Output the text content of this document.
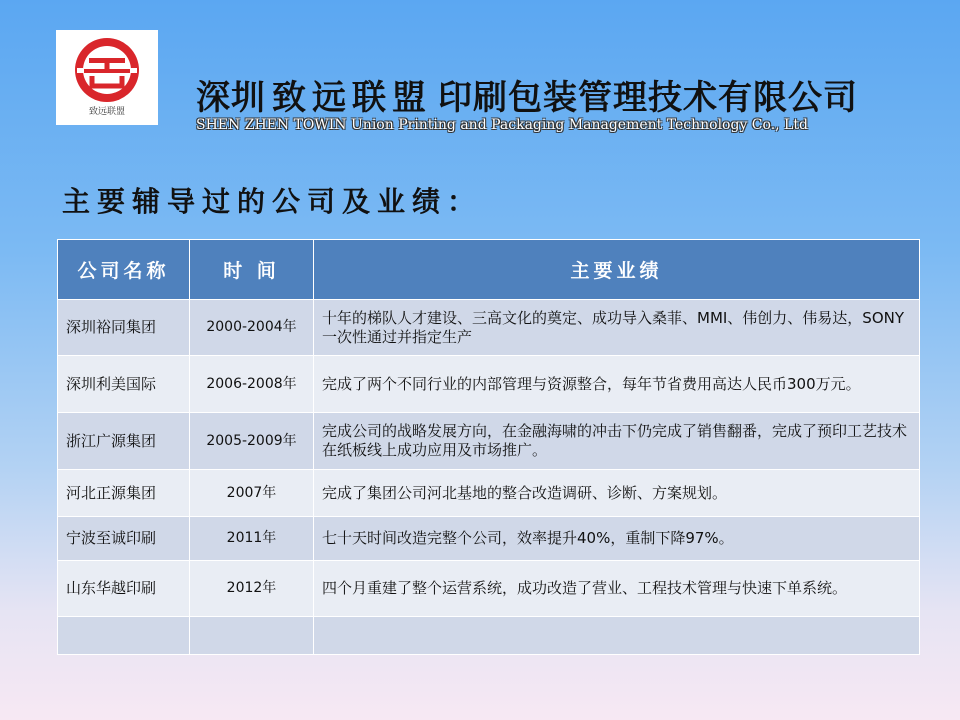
致远联盟	深圳 致远联盟 印刷包装管理技术有限公司
SHEN ZHEN TOWIN Union Printing and Packaging Management Technology Co., Ltd
主要辅导过的公司及业绩：
公司名称	时 间	主要业绩
深圳裕同集团	2000-2004年	十年的梯队人才建设、三高文化的奠定、成功导入桑菲、MMI、伟创力、伟易达，SONY一次性通过并指定生产
深圳利美国际	2006-2008年	完成了两个不同行业的内部管理与资源整合，每年节省费用高达人民币300万元。
浙江广源集团	2005-2009年	完成公司的战略发展方向，在金融海啸的冲击下仍完成了销售翻番，完成了预印工艺技术在纸板线上成功应用及市场推广。
河北正源集团	2007年	完成了集团公司河北基地的整合改造调研、诊断、方案规划。
宁波至诚印刷	2011年	七十天时间改造完整个公司，效率提升40%，重制下降97%。
山东华越印刷	2012年	四个月重建了整个运营系统，成功改造了营业、工程技术管理与快速下单系统。
